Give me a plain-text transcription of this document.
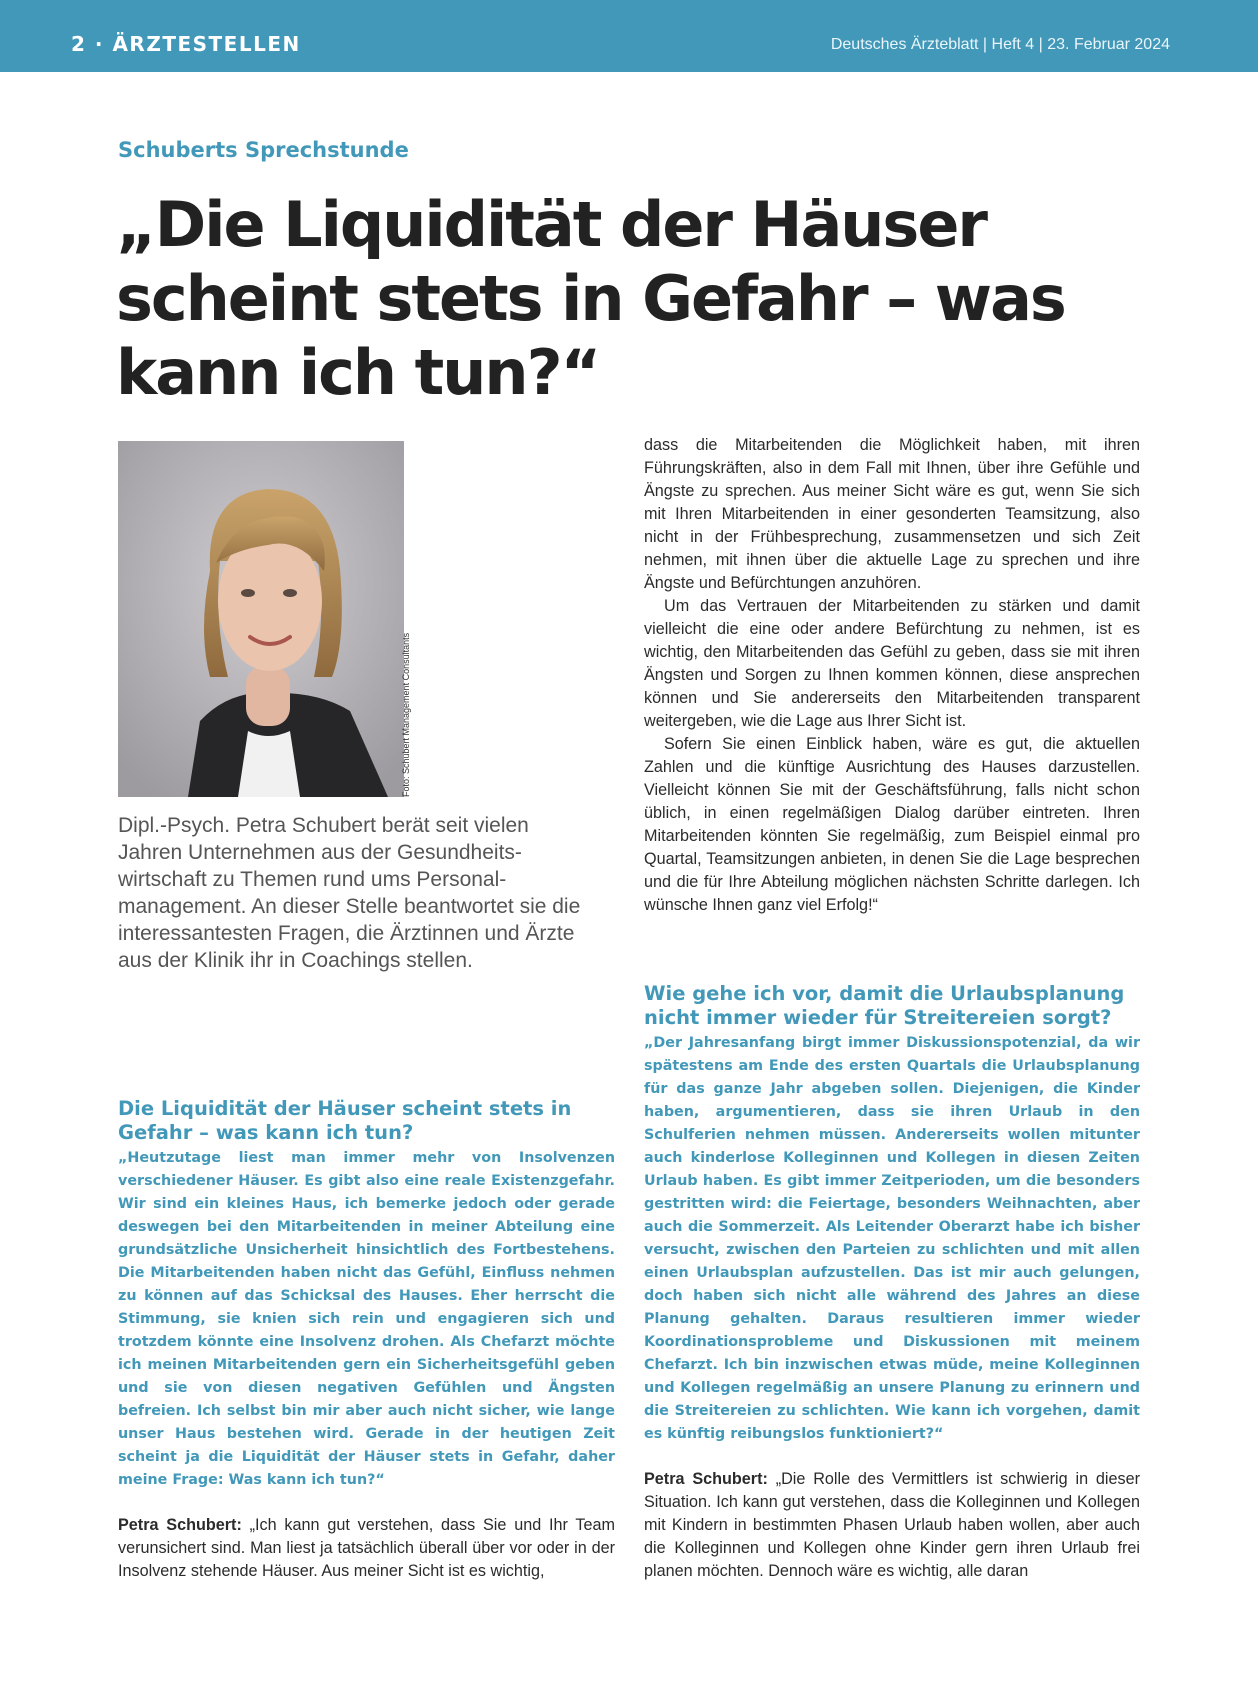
2 · ÄRZTESTELLEN	Deutsches Ärzteblatt | Heft 4 | 23. Februar 2024
Schuberts Sprechstunde
„Die Liquidität der Häuser scheint stets in Gefahr – was kann ich tun?“
Foto: Schubert Management Consultants

Dipl.-Psych. Petra Schubert berät seit vielen Jahren Unternehmen aus der Gesundheitswirtschaft zu Themen rund ums Personalmanagement. An dieser Stelle beantwortet sie die interessantesten Fragen, die Ärztinnen und Ärzte aus der Klinik ihr in Coachings stellen.

dass die Mitarbeitenden die Möglichkeit haben, mit ihren Führungskräften, also in dem Fall mit Ihnen, über ihre Gefühle und Ängste zu sprechen. Aus meiner Sicht wäre es gut, wenn Sie sich mit Ihren Mitarbeitenden in einer gesonderten Teamsitzung, also nicht in der Frühbesprechung, zusammensetzen und sich Zeit nehmen, mit ihnen über die aktuelle Lage zu sprechen und ihre Ängste und Befürchtungen anzuhören.

Um das Vertrauen der Mitarbeitenden zu stärken und damit vielleicht die eine oder andere Befürchtung zu nehmen, ist es wichtig, den Mitarbeitenden das Gefühl zu geben, dass sie mit ihren Ängsten und Sorgen zu Ihnen kommen können, diese ansprechen können und Sie andererseits den Mitarbeitenden transparent weitergeben, wie die Lage aus Ihrer Sicht ist.

Sofern Sie einen Einblick haben, wäre es gut, die aktuellen Zahlen und die künftige Ausrichtung des Hauses darzustellen. Vielleicht können Sie mit der Geschäftsführung, falls nicht schon üblich, in einen regelmäßigen Dialog darüber eintreten. Ihren Mitarbeitenden könnten Sie regelmäßig, zum Beispiel einmal pro Quartal, Teamsitzungen anbieten, in denen Sie die Lage besprechen und die für Ihre Abteilung möglichen nächsten Schritte darlegen. Ich wünsche Ihnen ganz viel Erfolg!“

Die Liquidität der Häuser scheint stets in Gefahr – was kann ich tun?

„Heutzutage liest man immer mehr von Insolvenzen verschiedener Häuser. Es gibt also eine reale Existenzgefahr. Wir sind ein kleines Haus, ich bemerke jedoch oder gerade deswegen bei den Mitarbeitenden in meiner Abteilung eine grundsätzliche Unsicherheit hinsichtlich des Fortbestehens. Die Mitarbeitenden haben nicht das Gefühl, Einfluss nehmen zu können auf das Schicksal des Hauses. Eher herrscht die Stimmung, sie knien sich rein und engagieren sich und trotzdem könnte eine Insolvenz drohen. Als Chefarzt möchte ich meinen Mitarbeitenden gern ein Sicherheitsgefühl geben und sie von diesen negativen Gefühlen und Ängsten befreien. Ich selbst bin mir aber auch nicht sicher, wie lange unser Haus bestehen wird. Gerade in der heutigen Zeit scheint ja die Liquidität der Häuser stets in Gefahr, daher meine Frage: Was kann ich tun?“

Petra Schubert: „Ich kann gut verstehen, dass Sie und Ihr Team verunsichert sind. Man liest ja tatsächlich überall über vor oder in der Insolvenz stehende Häuser. Aus meiner Sicht ist es wichtig,

Wie gehe ich vor, damit die Urlaubsplanung nicht immer wieder für Streitereien sorgt?

„Der Jahresanfang birgt immer Diskussionspotenzial, da wir spätestens am Ende des ersten Quartals die Urlaubsplanung für das ganze Jahr abgeben sollen. Diejenigen, die Kinder haben, argumentieren, dass sie ihren Urlaub in den Schulferien nehmen müssen. Andererseits wollen mitunter auch kinderlose Kolleginnen und Kollegen in diesen Zeiten Urlaub haben. Es gibt immer Zeitperioden, um die besonders gestritten wird: die Feiertage, besonders Weihnachten, aber auch die Sommerzeit. Als Leitender Oberarzt habe ich bisher versucht, zwischen den Parteien zu schlichten und mit allen einen Urlaubsplan aufzustellen. Das ist mir auch gelungen, doch haben sich nicht alle während des Jahres an diese Planung gehalten. Daraus resultieren immer wieder Koordinationsprobleme und Diskussionen mit meinem Chefarzt. Ich bin inzwischen etwas müde, meine Kolleginnen und Kollegen regelmäßig an unsere Planung zu erinnern und die Streitereien zu schlichten. Wie kann ich vorgehen, damit es künftig reibungslos funktioniert?“

Petra Schubert: „Die Rolle des Vermittlers ist schwierig in dieser Situation. Ich kann gut verstehen, dass die Kolleginnen und Kollegen mit Kindern in bestimmten Phasen Urlaub haben wollen, aber auch die Kolleginnen und Kollegen ohne Kinder gern ihren Urlaub frei planen möchten. Dennoch wäre es wichtig, alle daran
